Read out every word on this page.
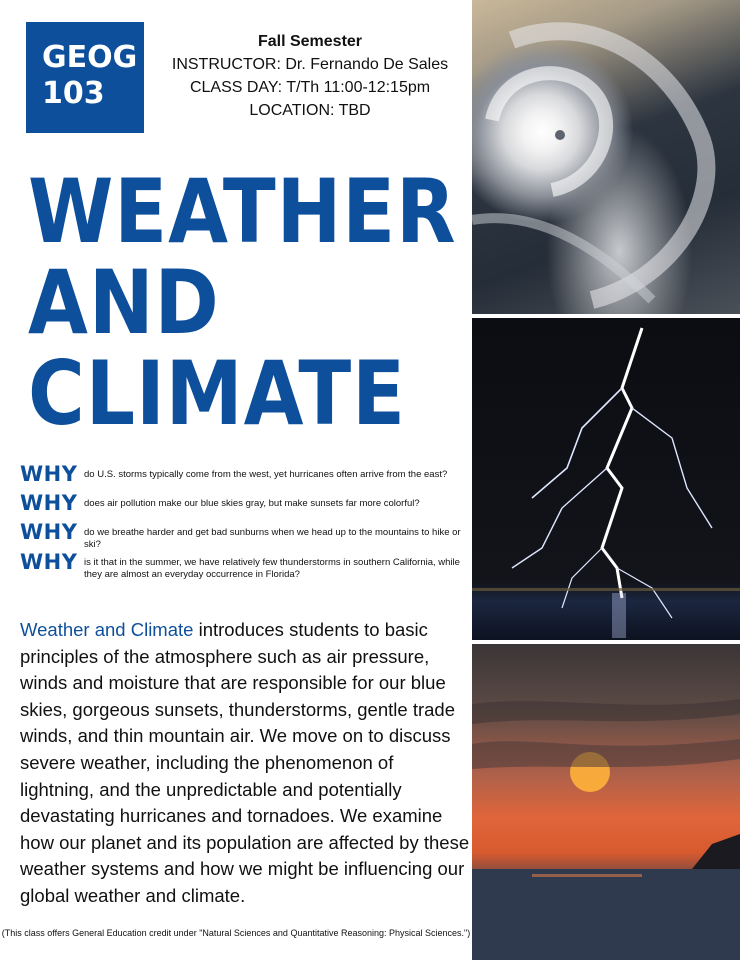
GEOG
103
Fall Semester
INSTRUCTOR: Dr. Fernando De Sales
CLASS DAY: T/Th 11:00-12:15pm
LOCATION: TBD
WEATHER
AND
CLIMATE
WHY do U.S. storms typically come from the west, yet hurricanes often arrive from the east?
WHY does air pollution make our blue skies gray, but make sunsets far more colorful?
WHY do we breathe harder and get bad sunburns when we head up to the mountains to hike or ski?
WHY is it that in the summer, we have relatively few thunderstorms in southern California, while they are almost an everyday occurrence in Florida?

Weather and Climate introduces students to basic principles of the atmosphere such as air pressure, winds and moisture that are responsible for our blue skies, gorgeous sunsets, thunderstorms, gentle trade winds, and thin mountain air. We move on to discuss severe weather, including the phenomenon of lightning, and the unpredictable and potentially devastating hurricanes and tornadoes. We examine how our planet and its population are affected by these weather systems and how we might be influencing our global weather and climate.

(This class offers General Education credit under "Natural Sciences and Quantitative Reasoning: Physical Sciences.")
